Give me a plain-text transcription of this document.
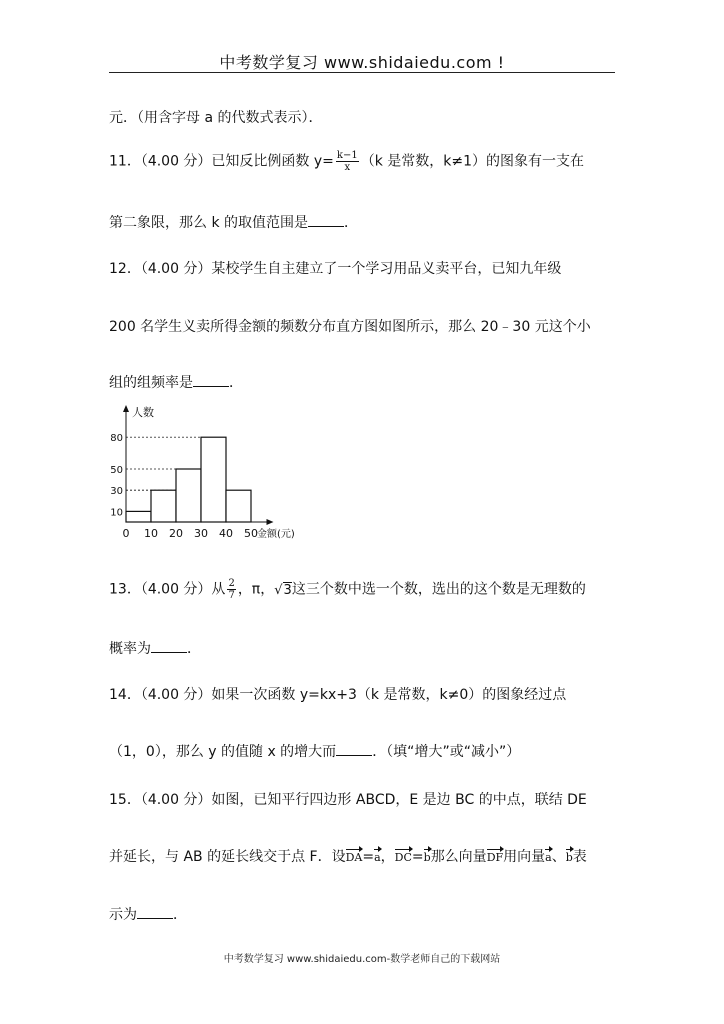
中考数学复习 www.shidaiedu.com !
元．（用含字母 a 的代数式表示）．
11．（4.00 分）已知反比例函数 $y= \frac{k-1}{x} (k$ 是常数，k≠1）的图象有一支在
第二象限，那么 k 的取值范围是	．
12．（4.00 分）某校学生自主建立了一个学习用品义卖平台，已知九年级
200 名学生义卖所得金额的频数分布直方图如图所示，那么 20﹣30 元这个小
组的组频率是	．
10
30
50
80
0 10 20 30 40 50
人数
金额(元)
13．（4.00 分）从 $\frac{2}{7}$ ，π，√3这三个数中选一个数，选出的这个数是无理数的
概率为	．
14．（4.00 分）如果一次函数 y=kx+3（k 是常数，k≠0）的图象经过点
（1，0），那么 y 的值随 x 的增大而	．（填“增大”或“减小”）
15．（4.00 分）如图，已知平行四边形 ABCD，E 是边 BC 的中点，联结 DE
并延长，与 AB 的延长线交于点 F．设DA=a，DC=b那么向量DF用向量a、b表
示为	．
中考数学复习 www.shidaiedu.com-数学老师自己的下载网站
